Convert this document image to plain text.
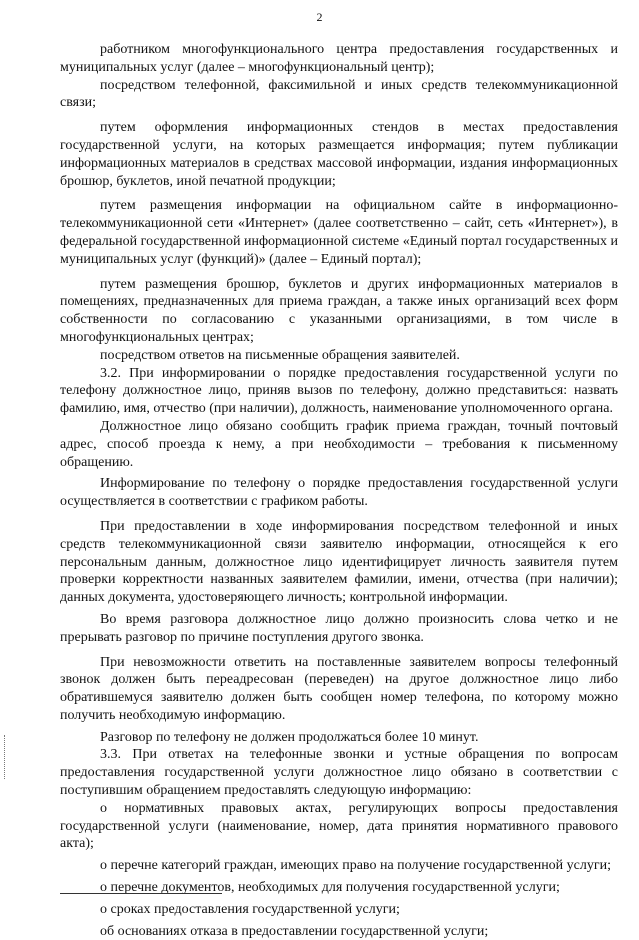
2

работником многофункционального центра предоставления государственных и муниципальных услуг (далее – многофункциональный центр);

посредством телефонной, факсимильной и иных средств телекоммуникационной связи;

путем оформления информационных стендов в местах предоставления государственной услуги, на которых размещается информация; путем публикации информационных материалов в средствах массовой информации, издания информационных брошюр, буклетов, иной печатной продукции;

путем размещения информации на официальном сайте в информационно-телекоммуникационной сети «Интернет» (далее соответственно – сайт, сеть «Интернет»), в федеральной государственной информационной системе «Единый портал государственных и муниципальных услуг (функций)» (далее – Единый портал);

путем размещения брошюр, буклетов и других информационных материалов в помещениях, предназначенных для приема граждан, а также иных организаций всех форм собственности по согласованию с указанными организациями, в том числе в многофункциональных центрах;

посредством ответов на письменные обращения заявителей.

3.2. При информировании о порядке предоставления государственной услуги по телефону должностное лицо, приняв вызов по телефону, должно представиться: назвать фамилию, имя, отчество (при наличии), должность, наименование уполномоченного органа.

Должностное лицо обязано сообщить график приема граждан, точный почтовый адрес, способ проезда к нему, а при необходимости – требования к письменному обращению.

Информирование по телефону о порядке предоставления государственной услуги осуществляется в соответствии с графиком работы.

При предоставлении в ходе информирования посредством телефонной и иных средств телекоммуникационной связи заявителю информации, относящейся к его персональным данным, должностное лицо идентифицирует личность заявителя путем проверки корректности названных заявителем фамилии, имени, отчества (при наличии); данных документа, удостоверяющего личность; контрольной информации.

Во время разговора должностное лицо должно произносить слова четко и не прерывать разговор по причине поступления другого звонка.

При невозможности ответить на поставленные заявителем вопросы телефонный звонок должен быть переадресован (переведен) на другое должностное лицо либо обратившемуся заявителю должен быть сообщен номер телефона, по которому можно получить необходимую информацию.

Разговор по телефону не должен продолжаться более 10 минут.

3.3. При ответах на телефонные звонки и устные обращения по вопросам предоставления государственной услуги должностное лицо обязано в соответствии с поступившим обращением предоставлять следующую информацию:

о нормативных правовых актах, регулирующих вопросы предоставления государственной услуги (наименование, номер, дата принятия нормативного правового акта);

о перечне категорий граждан, имеющих право на получение государственной услуги;

о перечне документов, необходимых для получения государственной услуги;

о сроках предоставления государственной услуги;

об основаниях отказа в предоставлении государственной услуги;
